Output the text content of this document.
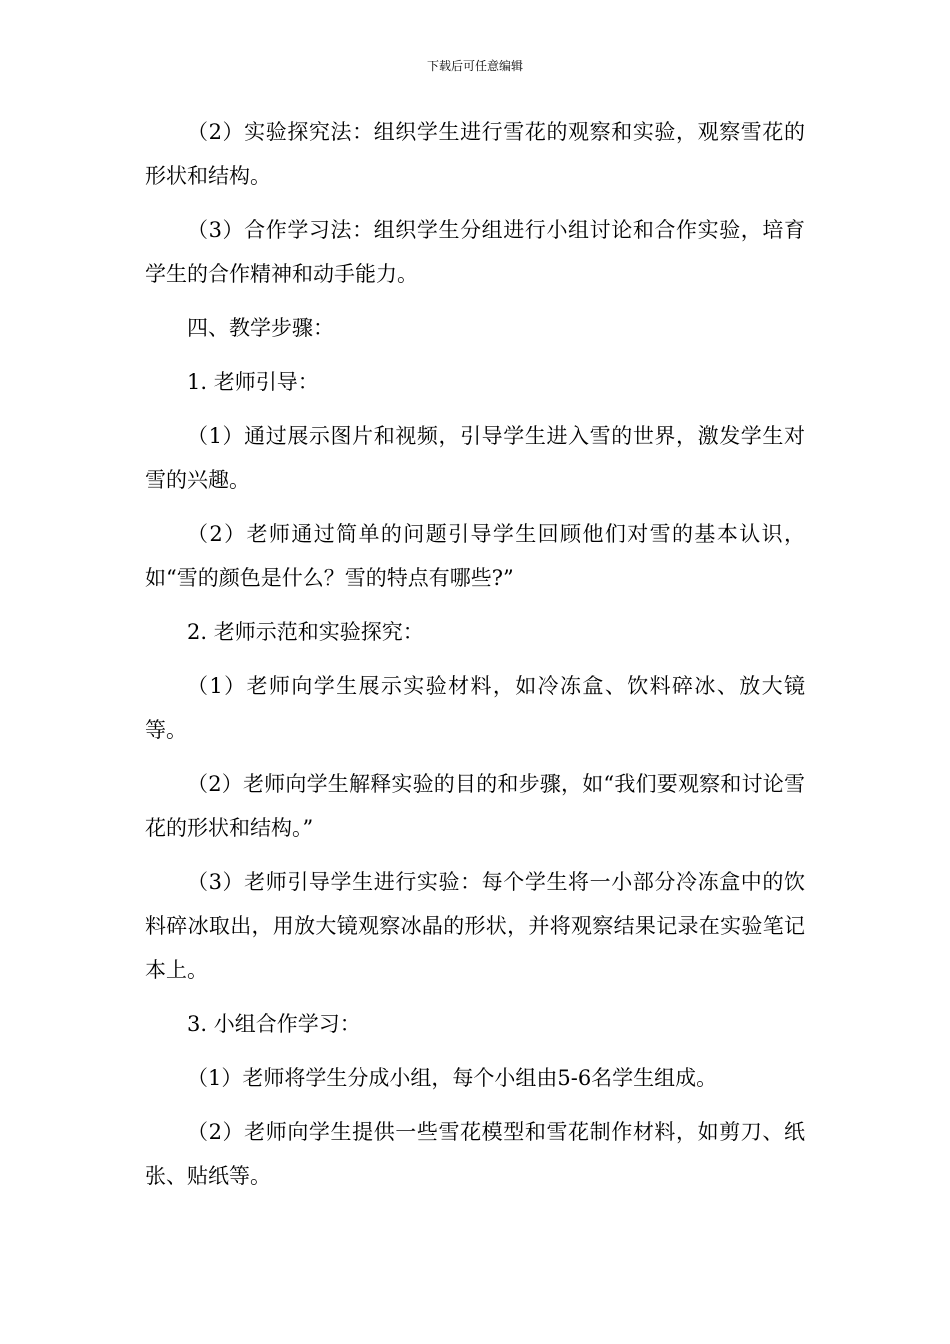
下载后可任意编辑

（2）实验探究法：组织学生进行雪花的观察和实验，观察雪花的形状和结构。

（3）合作学习法：组织学生分组进行小组讨论和合作实验，培育学生的合作精神和动手能力。

四、教学步骤：

1. 老师引导：

（1）通过展示图片和视频，引导学生进入雪的世界，激发学生对雪的兴趣。

（2）老师通过简单的问题引导学生回顾他们对雪的基本认识，如“雪的颜色是什么？雪的特点有哪些?”

2. 老师示范和实验探究：

（1）老师向学生展示实验材料，如冷冻盒、饮料碎冰、放大镜等。

（2）老师向学生解释实验的目的和步骤，如“我们要观察和讨论雪花的形状和结构。”

（3）老师引导学生进行实验：每个学生将一小部分冷冻盒中的饮料碎冰取出，用放大镜观察冰晶的形状，并将观察结果记录在实验笔记本上。

3. 小组合作学习：

（1）老师将学生分成小组，每个小组由5-6名学生组成。

（2）老师向学生提供一些雪花模型和雪花制作材料，如剪刀、纸张、贴纸等。
